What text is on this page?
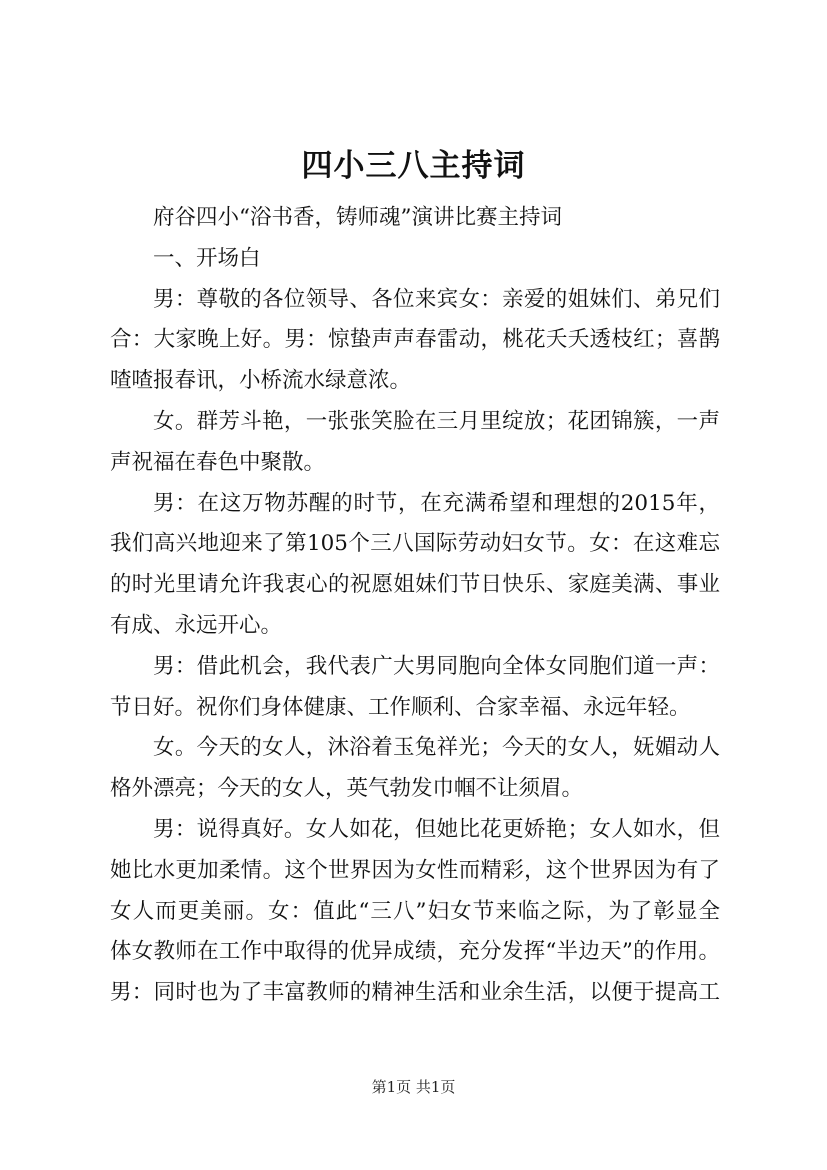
四小三八主持词
府谷四小“浴书香，铸师魂”演讲比赛主持词
一、开场白
男：尊敬的各位领导、各位来宾女：亲爱的姐妹们、弟兄们
合：大家晚上好。男：惊蛰声声春雷动，桃花夭夭透枝红；喜鹊
喳喳报春讯，小桥流水绿意浓。
女。群芳斗艳，一张张笑脸在三月里绽放；花团锦簇，一声
声祝福在春色中聚散。
男：在这万物苏醒的时节，在充满希望和理想的2015年，
我们高兴地迎来了第105个三八国际劳动妇女节。女：在这难忘
的时光里请允许我衷心的祝愿姐妹们节日快乐、家庭美满、事业
有成、永远开心。
男：借此机会，我代表广大男同胞向全体女同胞们道一声：
节日好。祝你们身体健康、工作顺利、合家幸福、永远年轻。
女。今天的女人，沐浴着玉兔祥光；今天的女人，妩媚动人
格外漂亮；今天的女人，英气勃发巾帼不让须眉。
男：说得真好。女人如花，但她比花更娇艳；女人如水，但
她比水更加柔情。这个世界因为女性而精彩，这个世界因为有了
女人而更美丽。女：值此“三八”妇女节来临之际，为了彰显全
体女教师在工作中取得的优异成绩，充分发挥“半边天”的作用。
男：同时也为了丰富教师的精神生活和业余生活，以便于提高工
第1页 共1页
